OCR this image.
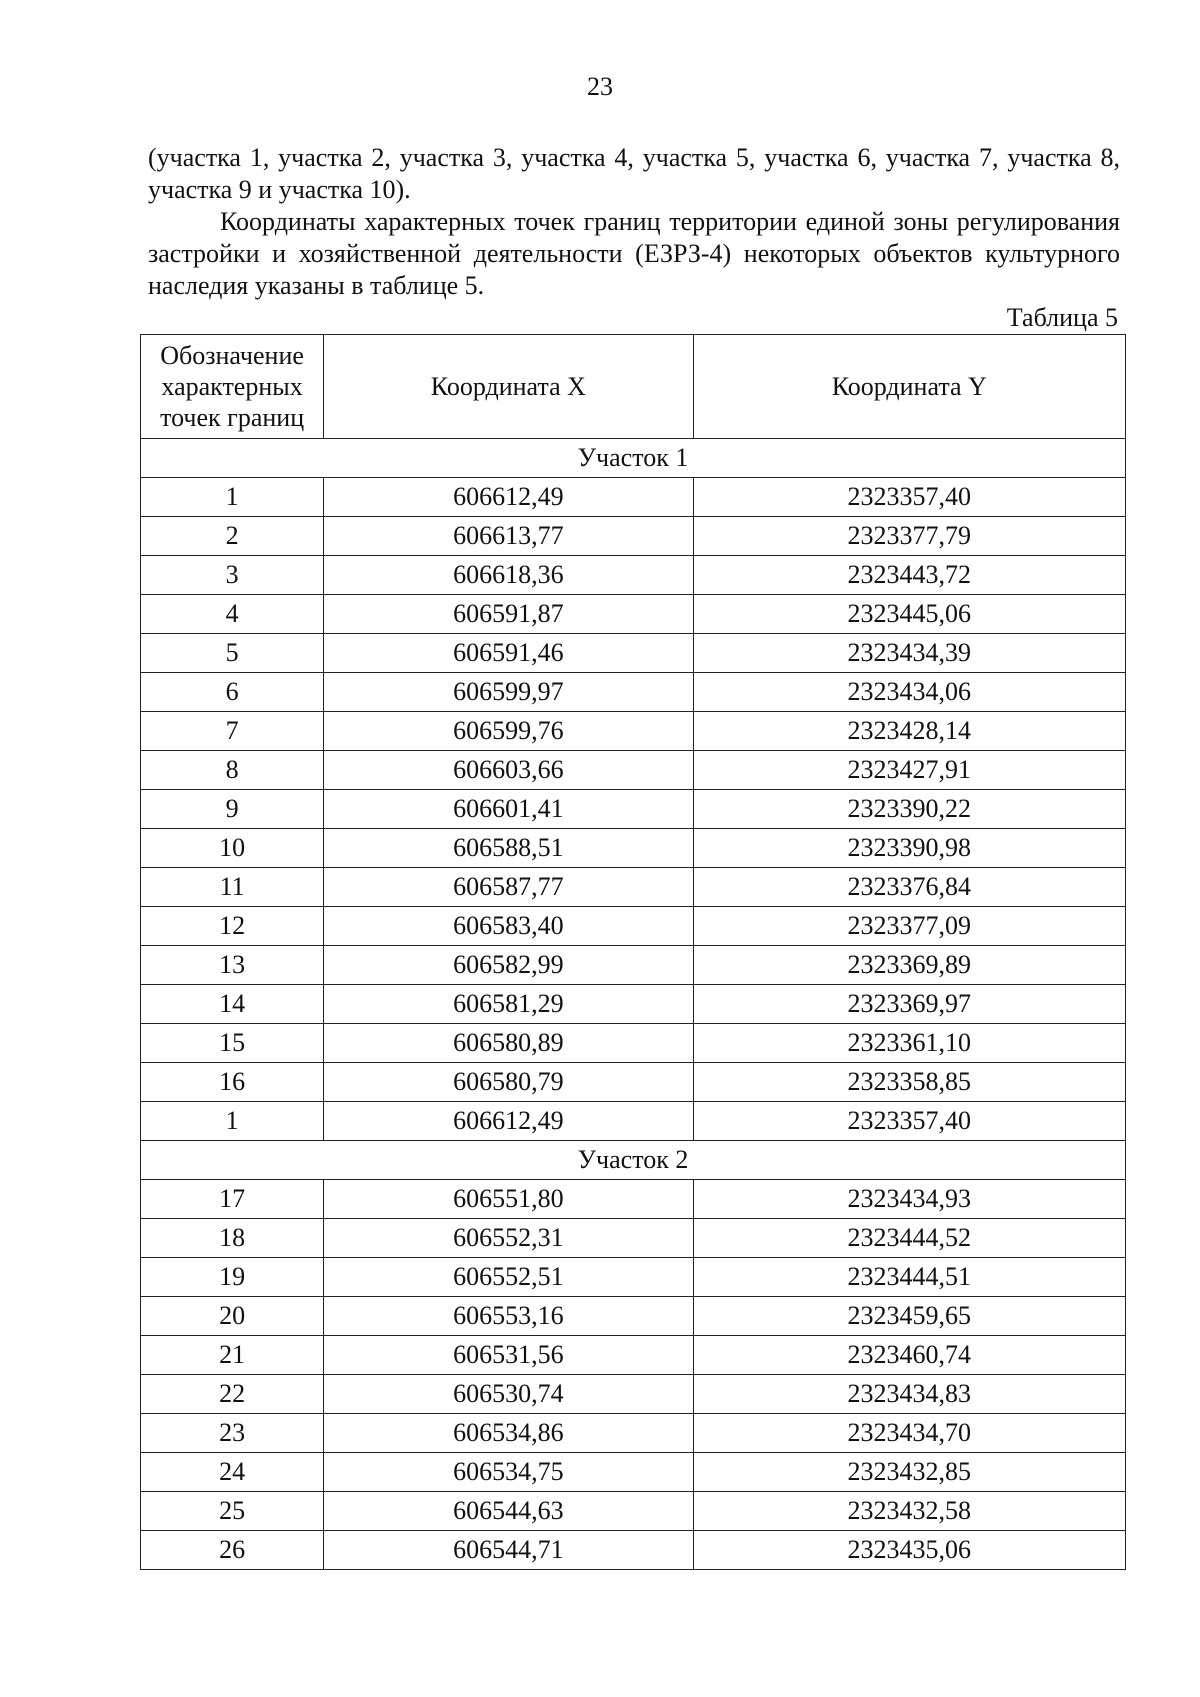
23
(участка 1, участка 2, участка 3, участка 4, участка 5, участка 6, участка 7, участка 8, участка 9 и участка 10).
Координаты характерных точек границ территории единой зоны регулирования застройки и хозяйственной деятельности (ЕЗРЗ-4) некоторых объектов культурного наследия указаны в таблице 5.
Таблица 5
Обозначение характерных точек границ	Координата X	Координата Y
Участок 1		
1	606612,49	2323357,40
2	606613,77	2323377,79
3	606618,36	2323443,72
4	606591,87	2323445,06
5	606591,46	2323434,39
6	606599,97	2323434,06
7	606599,76	2323428,14
8	606603,66	2323427,91
9	606601,41	2323390,22
10	606588,51	2323390,98
11	606587,77	2323376,84
12	606583,40	2323377,09
13	606582,99	2323369,89
14	606581,29	2323369,97
15	606580,89	2323361,10
16	606580,79	2323358,85
1	606612,49	2323357,40
Участок 2		
17	606551,80	2323434,93
18	606552,31	2323444,52
19	606552,51	2323444,51
20	606553,16	2323459,65
21	606531,56	2323460,74
22	606530,74	2323434,83
23	606534,86	2323434,70
24	606534,75	2323432,85
25	606544,63	2323432,58
26	606544,71	2323435,06
